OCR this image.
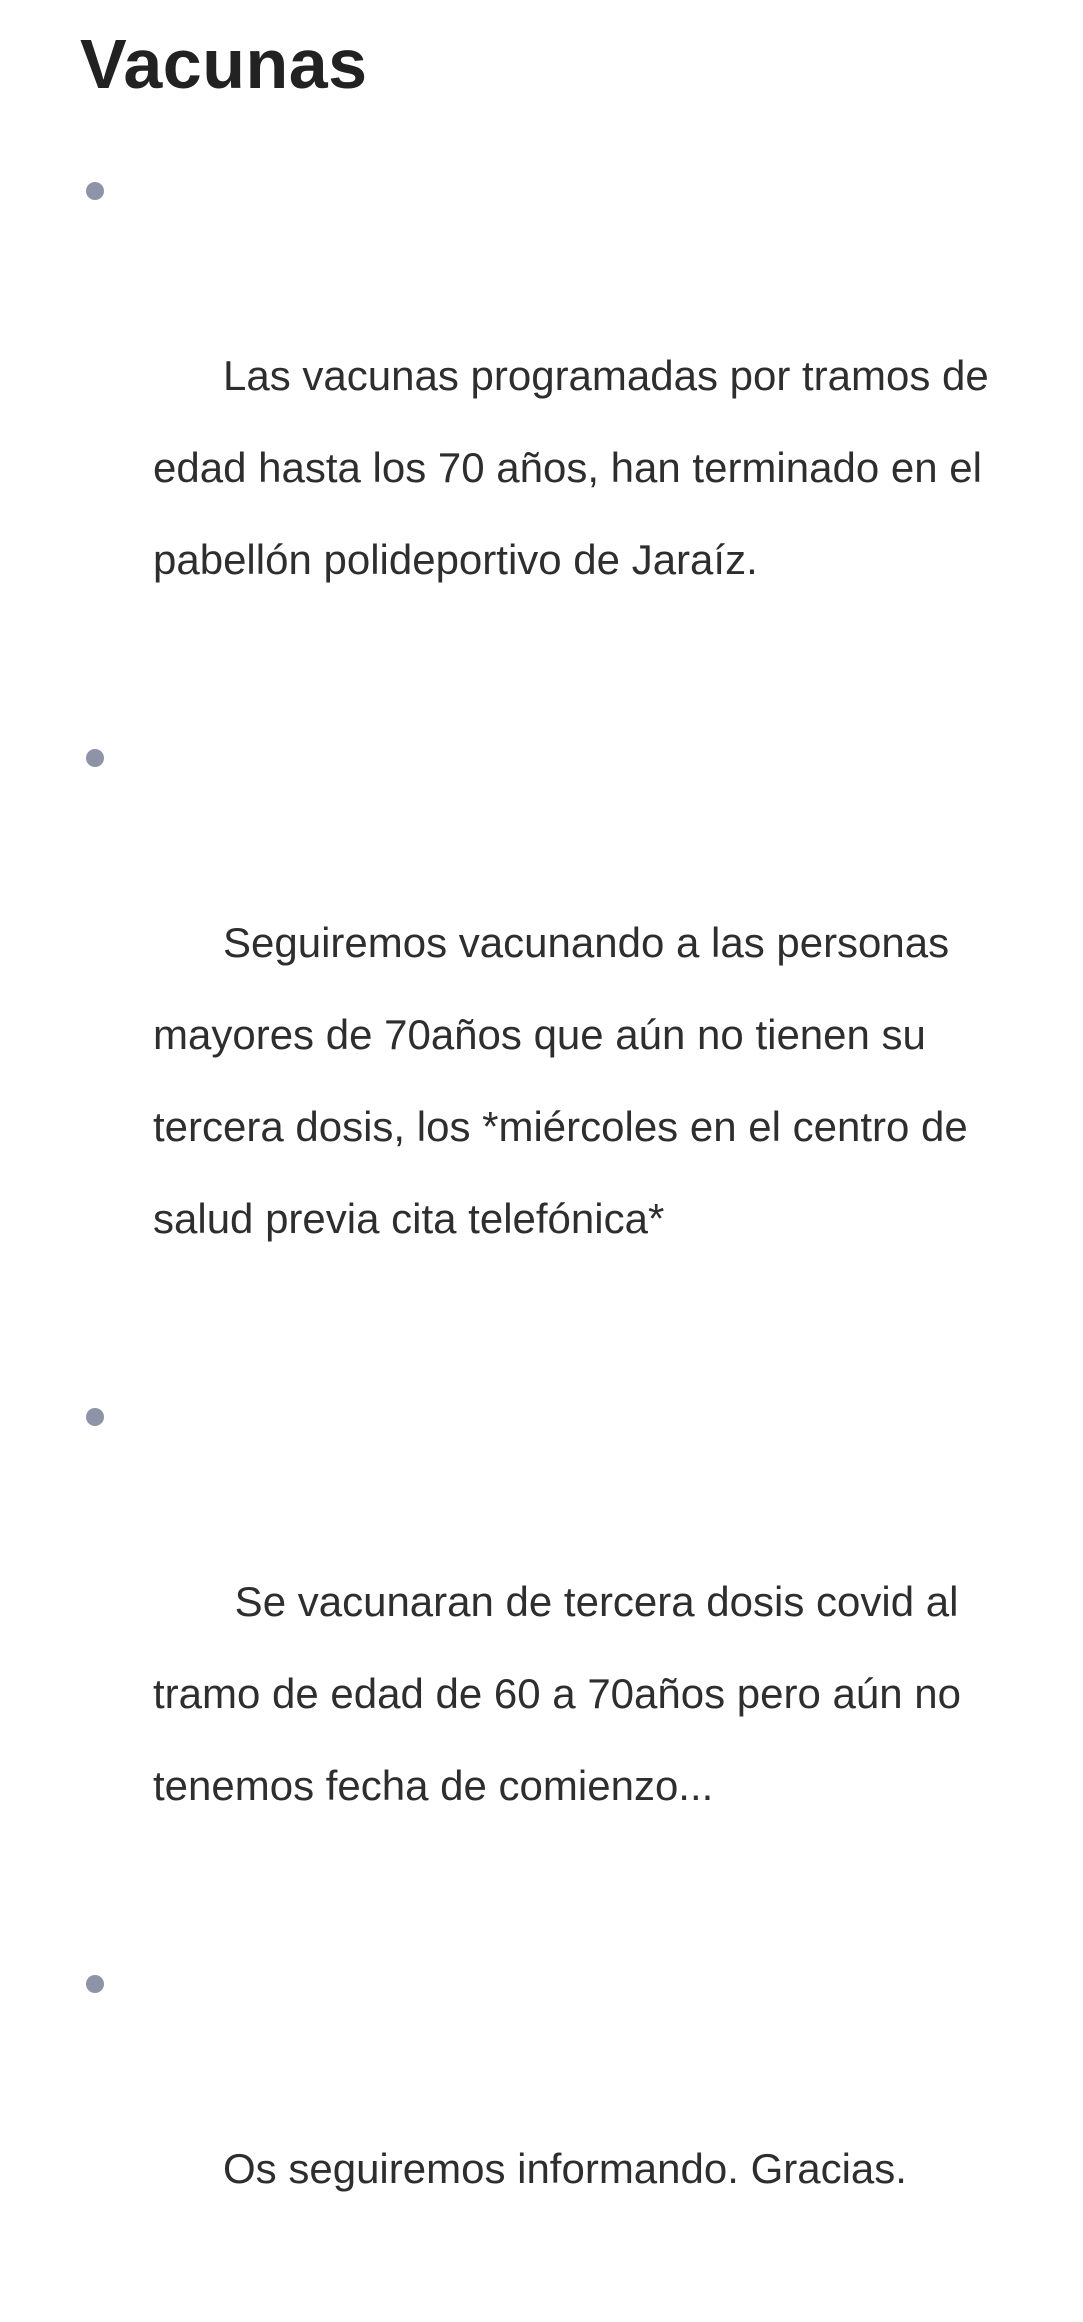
Vacunas

Las vacunas programadas por tramos de edad hasta los 70 años, han terminado en el pabellón polideportivo de Jaraíz.

Seguiremos vacunando a las personas mayores de 70años que aún no tienen su tercera dosis, los *miércoles en el centro de salud previa cita telefónica*

Se vacunaran de tercera dosis covid al tramo de edad de 60 a 70años pero aún no tenemos fecha de comienzo...

Os seguiremos informando. Gracias.
